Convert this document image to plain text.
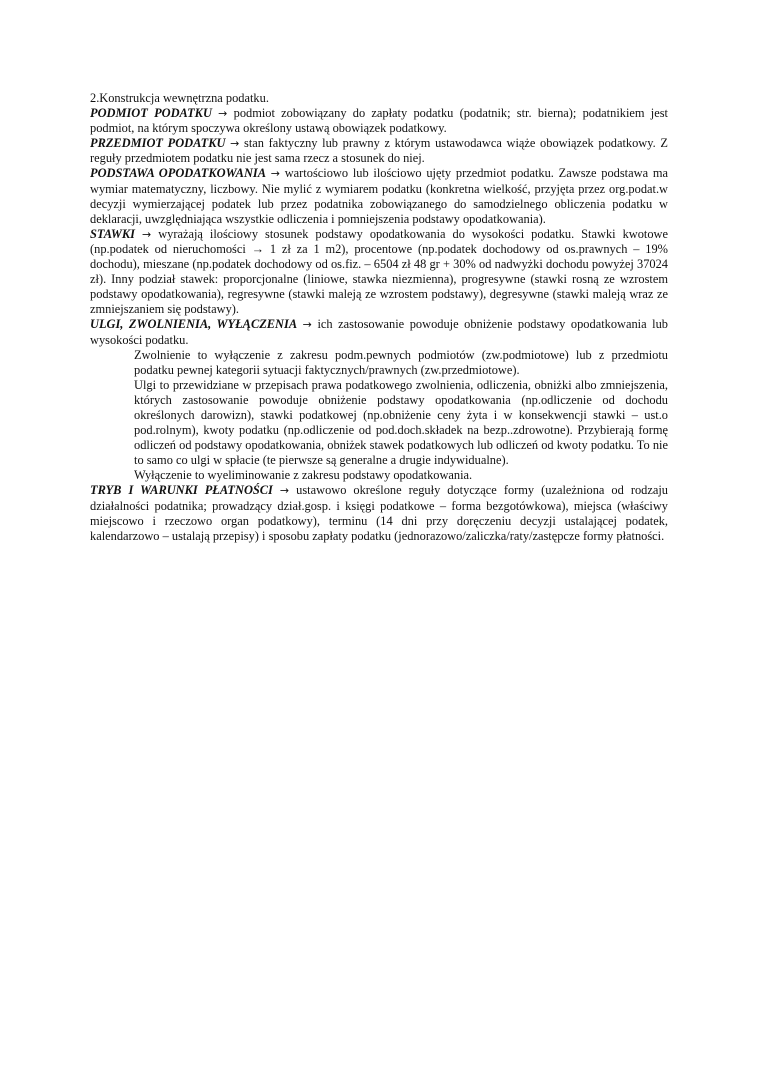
2.Konstrukcja wewnętrzna podatku.

PODMIOT PODATKU → podmiot zobowiązany do zapłaty podatku (podatnik; str. bierna); podatnikiem jest podmiot, na którym spoczywa określony ustawą obowiązek podatkowy.

PRZEDMIOT PODATKU → stan faktyczny lub prawny z którym ustawodawca wiąże obowiązek podatkowy. Z reguły przedmiotem podatku nie jest sama rzecz a stosunek do niej.

PODSTAWA OPODATKOWANIA → wartościowo lub ilościowo ujęty przedmiot podatku. Zawsze podstawa ma wymiar matematyczny, liczbowy. Nie mylić z wymiarem podatku (konkretna wielkość, przyjęta przez org.podat.w decyzji wymierzającej podatek lub przez podatnika zobowiązanego do samodzielnego obliczenia podatku w deklaracji, uwzględniająca wszystkie odliczenia i pomniejszenia podstawy opodatkowania).

STAWKI → wyrażają ilościowy stosunek podstawy opodatkowania do wysokości podatku. Stawki kwotowe (np.podatek od nieruchomości → 1 zł za 1 m2), procentowe (np.podatek dochodowy od os.prawnych – 19% dochodu), mieszane (np.podatek dochodowy od os.fiz. – 6504 zł 48 gr + 30% od nadwyżki dochodu powyżej 37024 zł). Inny podział stawek: proporcjonalne (liniowe, stawka niezmienna), progresywne (stawki rosną ze wzrostem podstawy opodatkowania), regresywne (stawki maleją ze wzrostem podstawy), degresywne (stawki maleją wraz ze zmniejszaniem się podstawy).

ULGI, ZWOLNIENIA, WYŁĄCZENIA → ich zastosowanie powoduje obniżenie podstawy opodatkowania lub wysokości podatku.

Zwolnienie to wyłączenie z zakresu podm.pewnych podmiotów (zw.podmiotowe) lub z przedmiotu podatku pewnej kategorii sytuacji faktycznych/prawnych (zw.przedmiotowe).

Ulgi to przewidziane w przepisach prawa podatkowego zwolnienia, odliczenia, obniżki albo zmniejszenia, których zastosowanie powoduje obniżenie podstawy opodatkowania (np.odliczenie od dochodu określonych darowizn), stawki podatkowej (np.obniżenie ceny żyta i w konsekwencji stawki – ust.o pod.rolnym), kwoty podatku (np.odliczenie od pod.doch.składek na bezp..zdrowotne). Przybierają formę odliczeń od podstawy opodatkowania, obniżek stawek podatkowych lub odliczeń od kwoty podatku. To nie to samo co ulgi w spłacie (te pierwsze są generalne a drugie indywidualne).

Wyłączenie to wyeliminowanie z zakresu podstawy opodatkowania.

TRYB I WARUNKI PŁATNOŚCI → ustawowo określone reguły dotyczące formy (uzależniona od rodzaju działalności podatnika; prowadzący dział.gosp. i księgi podatkowe – forma bezgotówkowa), miejsca (właściwy miejscowo i rzeczowo organ podatkowy), terminu (14 dni przy doręczeniu decyzji ustalającej podatek, kalendarzowo – ustalają przepisy) i sposobu zapłaty podatku (jednorazowo/zaliczka/raty/zastępcze formy płatności.
